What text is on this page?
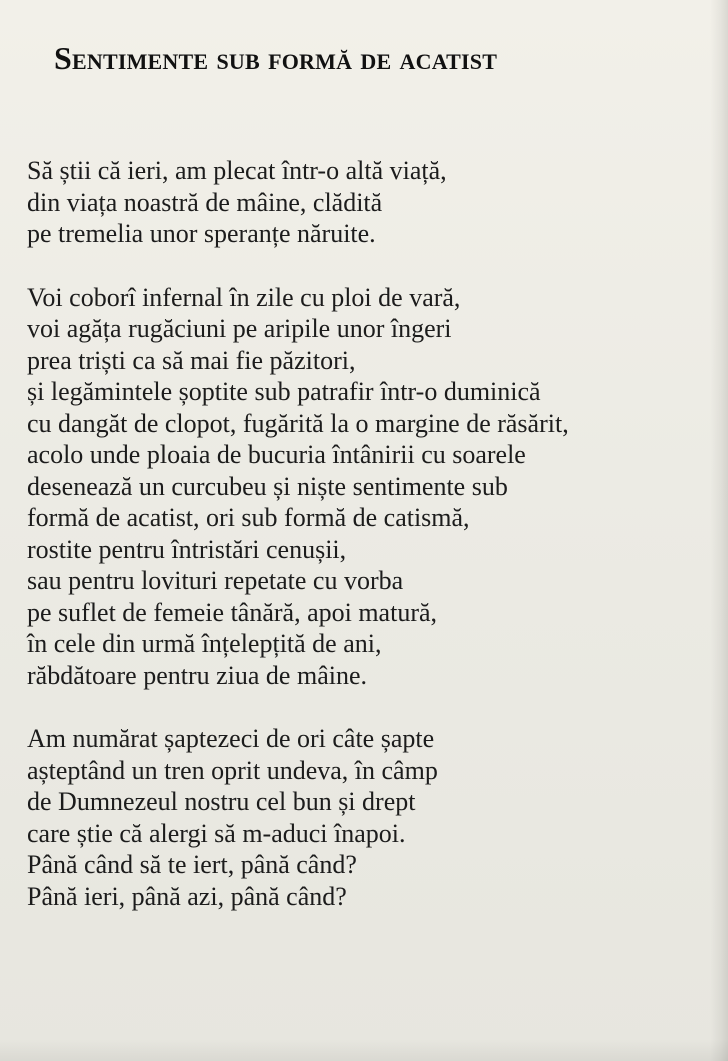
Sentimente sub formă de acatist

Să știi că ieri, am plecat într-o altă viață,
din viața noastră de mâine, clădită
pe tremelia unor speranțe năruite.

Voi coborî infernal în zile cu ploi de vară,
voi agăța rugăciuni pe aripile unor îngeri
prea triști ca să mai fie păzitori,
și legămintele șoptite sub patrafir într-o duminică
cu dangăt de clopot, fugărită la o margine de răsărit,
acolo unde ploaia de bucuria întânirii cu soarele
desenează un curcubeu și niște sentimente sub
formă de acatist, ori sub formă de catismă,
rostite pentru întristări cenușii,
sau pentru lovituri repetate cu vorba
pe suflet de femeie tânără, apoi matură,
în cele din urmă înțelepțită de ani,
răbdătoare pentru ziua de mâine.

Am numărat șaptezeci de ori câte șapte
așteptând un tren oprit undeva, în câmp
de Dumnezeul nostru cel bun și drept
care știe că alergi să m-aduci înapoi.
Până când să te iert, până când?
Până ieri, până azi, până când?
